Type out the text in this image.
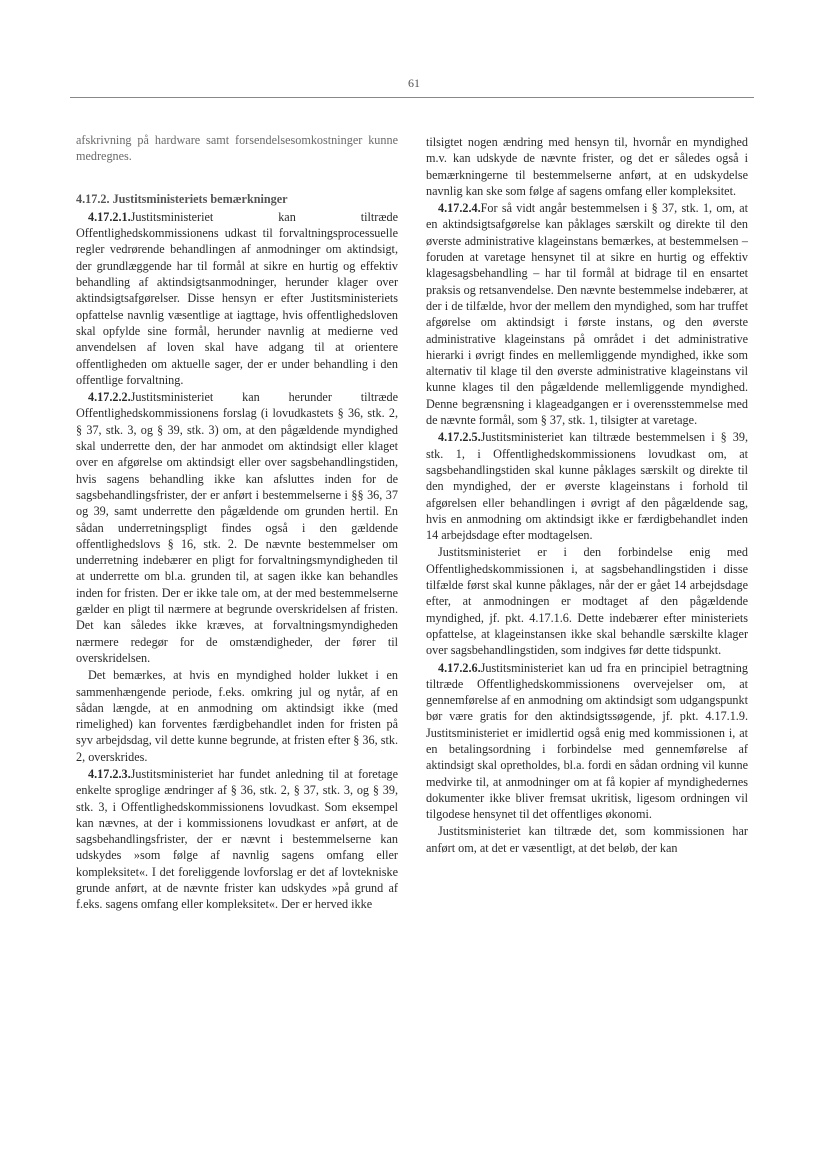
61

afskrivning på hardware samt forsendelsesomkostninger kunne medregnes.

4.17.2. Justitsministeriets bemærkninger

4.17.2.1.Justitsministeriet kan tiltræde Offentlighedskommissionens udkast til forvaltningsprocessuelle regler vedrørende behandlingen af anmodninger om aktindsigt, der grundlæggende har til formål at sikre en hurtig og effektiv behandling af aktindsigtsanmodninger, herunder klager over aktindsigtsafgørelser. Disse hensyn er efter Justitsministeriets opfattelse navnlig væsentlige at iagttage, hvis offentlighedsloven skal opfylde sine formål, herunder navnlig at medierne ved anvendelsen af loven skal have adgang til at orientere offentligheden om aktuelle sager, der er under behandling i den offentlige forvaltning.

4.17.2.2.Justitsministeriet kan herunder tiltræde Offentlighedskommissionens forslag (i lovudkastets § 36, stk. 2, § 37, stk. 3, og § 39, stk. 3) om, at den pågældende myndighed skal underrette den, der har anmodet om aktindsigt eller klaget over en afgørelse om aktindsigt eller over sagsbehandlingstiden, hvis sagens behandling ikke kan afsluttes inden for de sagsbehandlingsfrister, der er anført i bestemmelserne i §§ 36, 37 og 39, samt underrette den pågældende om grunden hertil. En sådan underretningspligt findes også i den gældende offentlighedslovs § 16, stk. 2. De nævnte bestemmelser om underretning indebærer en pligt for forvaltningsmyndigheden til at underrette om bl.a. grunden til, at sagen ikke kan behandles inden for fristen. Der er ikke tale om, at der med bestemmelserne gælder en pligt til nærmere at begrunde overskridelsen af fristen. Det kan således ikke kræves, at forvaltningsmyndigheden nærmere redegør for de omstændigheder, der fører til overskridelsen.

Det bemærkes, at hvis en myndighed holder lukket i en sammenhængende periode, f.eks. omkring jul og nytår, af en sådan længde, at en anmodning om aktindsigt ikke (med rimelighed) kan forventes færdigbehandlet inden for fristen på syv arbejdsdag, vil dette kunne begrunde, at fristen efter § 36, stk. 2, overskrides.

4.17.2.3.Justitsministeriet har fundet anledning til at foretage enkelte sproglige ændringer af § 36, stk. 2, § 37, stk. 3, og § 39, stk. 3, i Offentlighedskommissionens lovudkast. Som eksempel kan nævnes, at der i kommissionens lovudkast er anført, at de sagsbehandlingsfrister, der er nævnt i bestemmelserne kan udskydes »som følge af navnlig sagens omfang eller kompleksitet«. I det foreliggende lovforslag er det af lovtekniske grunde anført, at de nævnte frister kan udskydes »på grund af f.eks. sagens omfang eller kompleksitet«. Der er herved ikke

tilsigtet nogen ændring med hensyn til, hvornår en myndighed m.v. kan udskyde de nævnte frister, og det er således også i bemærkningerne til bestemmelserne anført, at en udskydelse navnlig kan ske som følge af sagens omfang eller kompleksitet.

4.17.2.4.For så vidt angår bestemmelsen i § 37, stk. 1, om, at en aktindsigtsafgørelse kan påklages særskilt og direkte til den øverste administrative klageinstans bemærkes, at bestemmelsen – foruden at varetage hensynet til at sikre en hurtig og effektiv klagesagsbehandling – har til formål at bidrage til en ensartet praksis og retsanvendelse. Den nævnte bestemmelse indebærer, at der i de tilfælde, hvor der mellem den myndighed, som har truffet afgørelse om aktindsigt i første instans, og den øverste administrative klageinstans på området i det administrative hierarki i øvrigt findes en mellemliggende myndighed, ikke som alternativ til klage til den øverste administrative klageinstans vil kunne klages til den pågældende mellemliggende myndighed. Denne begrænsning i klageadgangen er i overensstemmelse med de nævnte formål, som § 37, stk. 1, tilsigter at varetage.

4.17.2.5.Justitsministeriet kan tiltræde bestemmelsen i § 39, stk. 1, i Offentlighedskommissionens lovudkast om, at sagsbehandlingstiden skal kunne påklages særskilt og direkte til den myndighed, der er øverste klageinstans i forhold til afgørelsen eller behandlingen i øvrigt af den pågældende sag, hvis en anmodning om aktindsigt ikke er færdigbehandlet inden 14 arbejdsdage efter modtagelsen.

Justitsministeriet er i den forbindelse enig med Offentlighedskommissionen i, at sagsbehandlingstiden i disse tilfælde først skal kunne påklages, når der er gået 14 arbejdsdage efter, at anmodningen er modtaget af den pågældende myndighed, jf. pkt. 4.17.1.6. Dette indebærer efter ministeriets opfattelse, at klageinstansen ikke skal behandle særskilte klager over sagsbehandlingstiden, som indgives før dette tidspunkt.

4.17.2.6.Justitsministeriet kan ud fra en principiel betragtning tiltræde Offentlighedskommissionens overvejelser om, at gennemførelse af en anmodning om aktindsigt som udgangspunkt bør være gratis for den aktindsigtssøgende, jf. pkt. 4.17.1.9. Justitsministeriet er imidlertid også enig med kommissionen i, at en betalingsordning i forbindelse med gennemførelse af aktindsigt skal opretholdes, bl.a. fordi en sådan ordning vil kunne medvirke til, at anmodninger om at få kopier af myndighedernes dokumenter ikke bliver fremsat ukritisk, ligesom ordningen vil tilgodese hensynet til det offentliges økonomi.

Justitsministeriet kan tiltræde det, som kommissionen har anført om, at det er væsentligt, at det beløb, der kan
